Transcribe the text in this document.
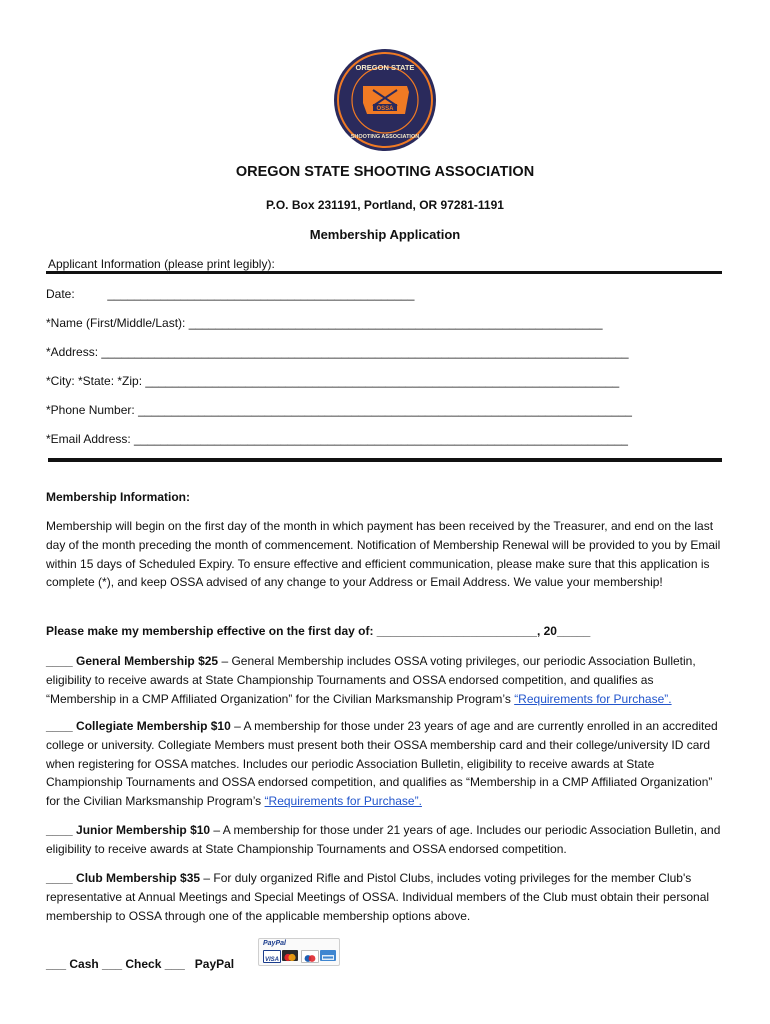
OSSA
OREGON STATE
SHOOTING ASSOCIATION
OREGON STATE SHOOTING ASSOCIATION
P.O. Box 231191, Portland, OR 97281-1191
Membership Application
Applicant Information (please print legibly):
Date:	______________________________________________
*Name (First/Middle/Last): ______________________________________________________________
*Address: _______________________________________________________________________________
*City: *State: *Zip: _______________________________________________________________________
*Phone Number: __________________________________________________________________________
*Email Address: __________________________________________________________________________
Membership Information:
Membership will begin on the first day of the month in which payment has been received by the Treasurer, and end on the last day of the month preceding the month of commencement. Notification of Membership Renewal will be provided to you by Email within 15 days of Scheduled Expiry. To ensure effective and efficient communication, please make sure that this application is complete (*), and keep OSSA advised of any change to your Address or Email Address. We value your membership!
Please make my membership effective on the first day of: ________________________, 20_____
____ General Membership $25 – General Membership includes OSSA voting privileges, our periodic Association Bulletin, eligibility to receive awards at State Championship Tournaments and OSSA endorsed competition, and qualifies as “Membership in a CMP Affiliated Organization” for the Civilian Marksmanship Program’s “Requirements for Purchase”.
____ Collegiate Membership $10 – A membership for those under 23 years of age and are currently enrolled in an accredited college or university. Collegiate Members must present both their OSSA membership card and their college/university ID card when registering for OSSA matches. Includes our periodic Association Bulletin, eligibility to receive awards at State Championship Tournaments and OSSA endorsed competition, and qualifies as “Membership in a CMP Affiliated Organization” for the Civilian Marksmanship Program’s “Requirements for Purchase”.
____ Junior Membership $10 – A membership for those under 21 years of age. Includes our periodic Association Bulletin, and eligibility to receive awards at State Championship Tournaments and OSSA endorsed competition.
____ Club Membership $35 – For duly organized Rifle and Pistol Clubs, includes voting privileges for the member Club's representative at Annual Meetings and Special Meetings of OSSA. Individual members of the Club must obtain their personal membership to OSSA through one of the applicable membership options above.
___ Cash ___ Check ___   PayPal
PayPal
VISA
